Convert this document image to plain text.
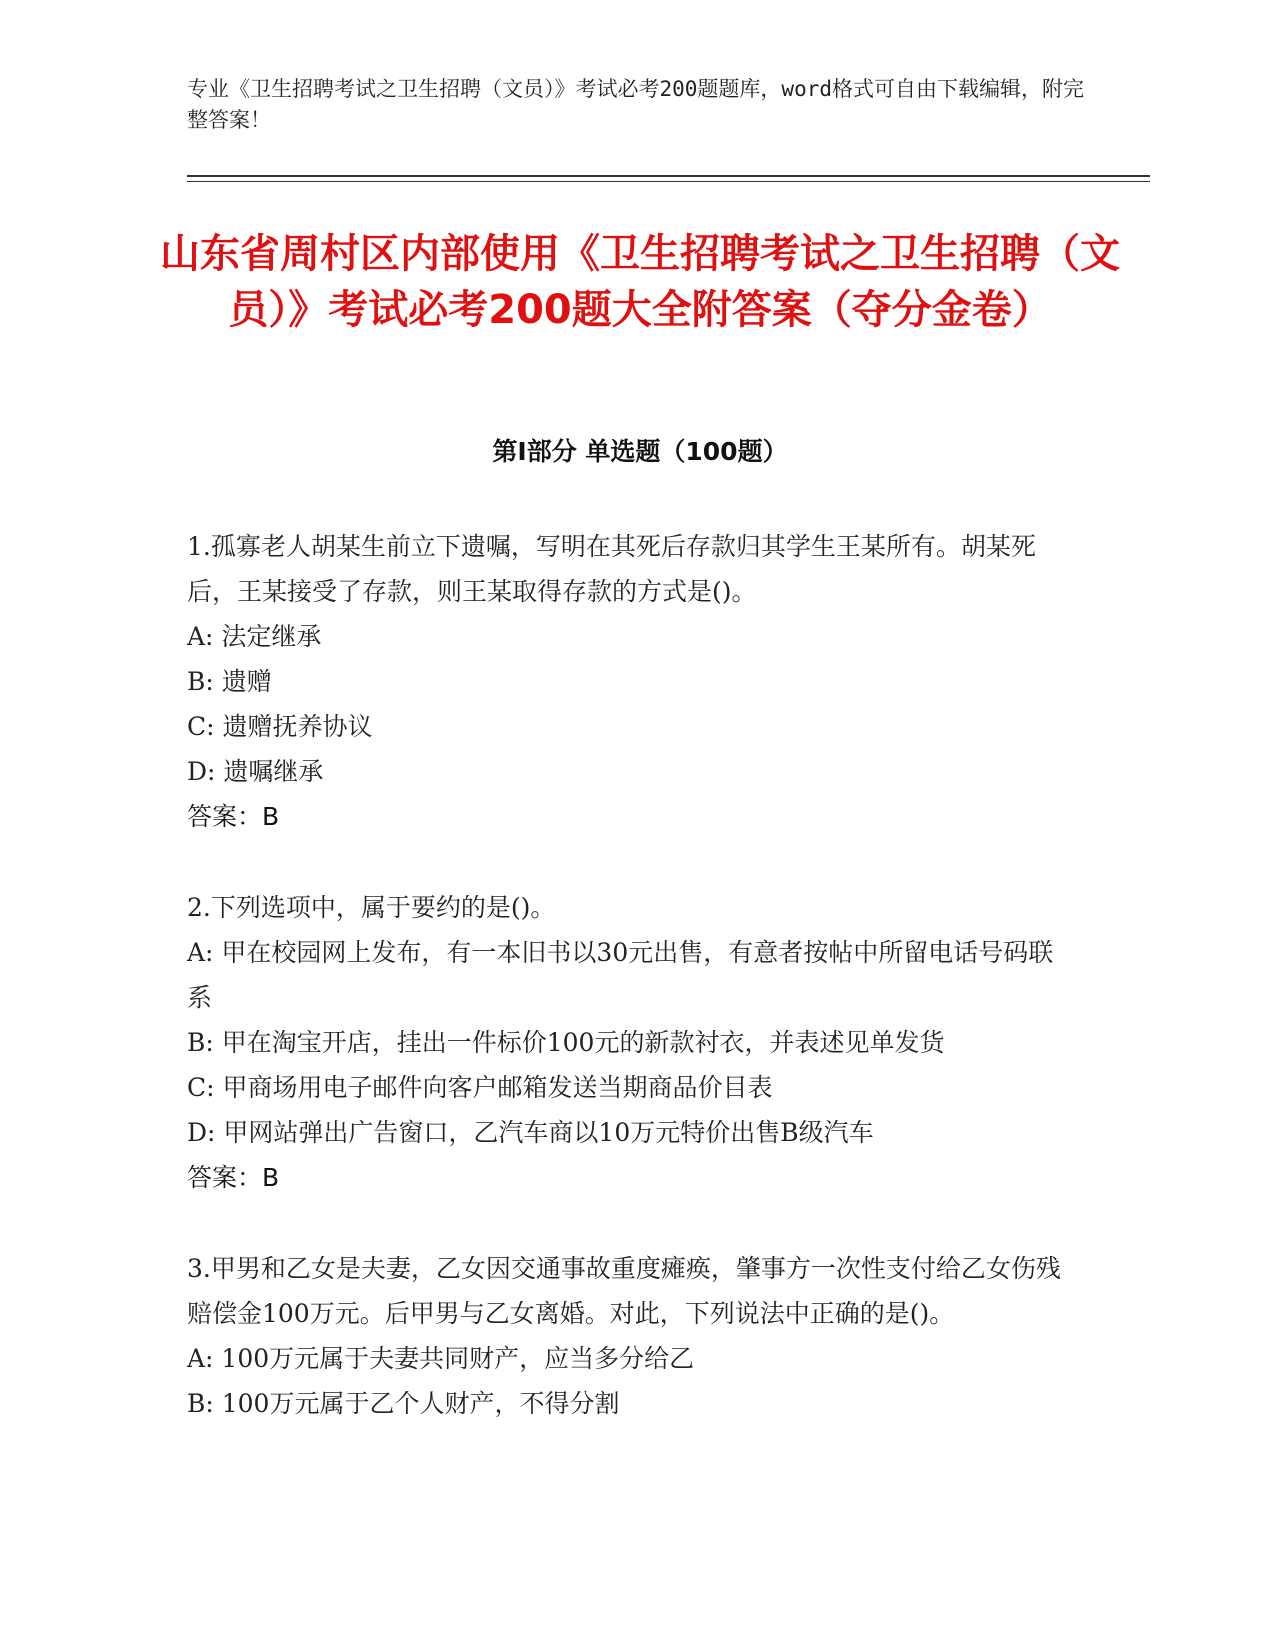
专业《卫生招聘考试之卫生招聘（文员）》考试必考200题题库，word格式可自由下载编辑，附完整答案！
山东省周村区内部使用《卫生招聘考试之卫生招聘（文员）》考试必考200题大全附答案（夺分金卷）
第I部分 单选题（100题）
1.孤寡老人胡某生前立下遗嘱，写明在其死后存款归其学生王某所有。胡某死后，王某接受了存款，则王某取得存款的方式是()。
A: 法定继承
B: 遗赠
C: 遗赠抚养协议
D: 遗嘱继承
答案：B
2.下列选项中，属于要约的是()。
A: 甲在校园网上发布，有一本旧书以30元出售，有意者按帖中所留电话号码联系
B: 甲在淘宝开店，挂出一件标价100元的新款衬衣，并表述见单发货
C: 甲商场用电子邮件向客户邮箱发送当期商品价目表
D: 甲网站弹出广告窗口，乙汽车商以10万元特价出售B级汽车
答案：B
3.甲男和乙女是夫妻，乙女因交通事故重度瘫痪，肇事方一次性支付给乙女伤残赔偿金100万元。后甲男与乙女离婚。对此，下列说法中正确的是()。
A: 100万元属于夫妻共同财产，应当多分给乙
B: 100万元属于乙个人财产，不得分割
